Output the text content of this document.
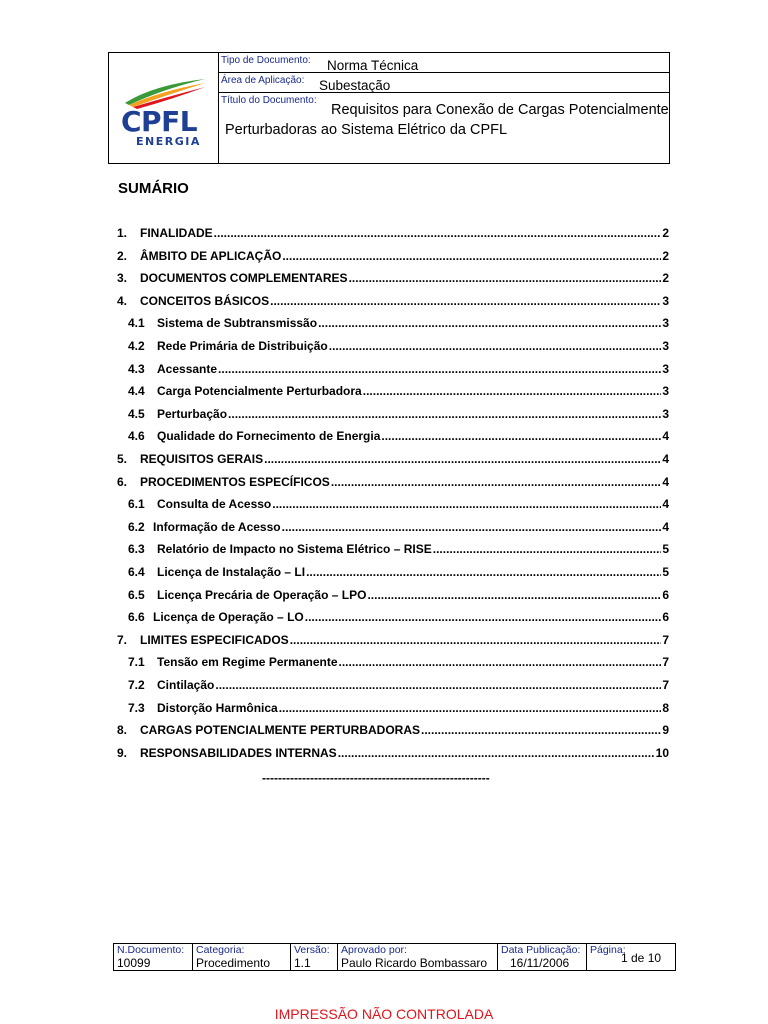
CPFL
ENERGIA
Tipo de Documento: Norma Técnica
Área de Aplicação: Subestação
Título do Documento:
Requisitos para Conexão de Cargas Potencialmente
Perturbadoras ao Sistema Elétrico da CPFL
SUMÁRIO
1.	FINALIDADE .....	2
2.	ÂMBITO DE APLICAÇÃO .....	2
3.	DOCUMENTOS COMPLEMENTARES .....	2
4.	CONCEITOS BÁSICOS .....	3
4.1	Sistema de Subtransmissão .....	3
4.2	Rede Primária de Distribuição .....	3
4.3	Acessante .....	3
4.4	Carga Potencialmente Perturbadora .....	3
4.5	Perturbação .....	3
4.6	Qualidade do Fornecimento de Energia .....	4
5.	REQUISITOS GERAIS .....	4
6.	PROCEDIMENTOS ESPECÍFICOS .....	4
6.1	Consulta de Acesso .....	4
6.2 Informação de Acesso .....	4
6.3	Relatório de Impacto no Sistema Elétrico – RISE .....	5
6.4	Licença de Instalação – LI .....	5
6.5	Licença Precária de Operação – LPO .....	6
6.6 Licença de Operação – LO .....	6
7.	LIMITES ESPECIFICADOS .....	7
7.1	Tensão em Regime Permanente .....	7
7.2	Cintilação .....	7
7.3	Distorção Harmônica .....	8
8.	CARGAS POTENCIALMENTE PERTURBADORAS .....	9
9.	RESPONSABILIDADES INTERNAS .....	10
---------------------------------------------------------
N.Documento:
10099
Categoria:
Procedimento
Versão:
1.1
Aprovado por:
Paulo Ricardo Bombassaro
Data Publicação:
16/11/2006
Página:
1 de 10
IMPRESSÃO NÃO CONTROLADA
